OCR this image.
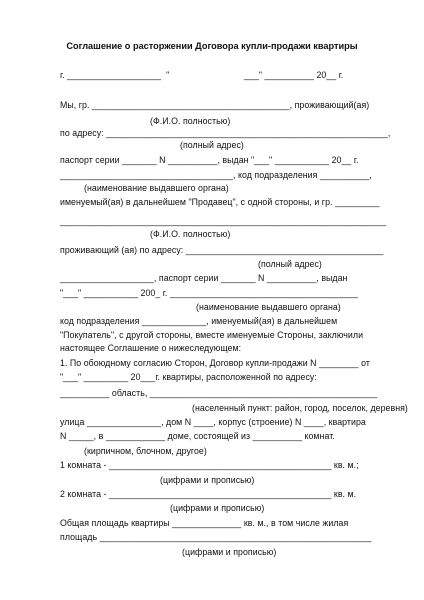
Соглашение о расторжении Договора купли-продажи квартиры
г. ___________________  "                              ___" __________ 20__ г.
Мы, гр. ________________________________________, проживающий(ая)
(Ф.И.О. полностью)
по адресу: _________________________________________________________,
(полный адрес)
паспорт серии _______ N __________, выдан "___" ___________ 20__ г.
___________________________________, код подразделения __________,
(наименование выдавшего органа)
именуемый(ая) в дальнейшем "Продавец", с одной стороны, и гр. _________
__________________________________________________________________
(Ф.И.О. полностью)
проживающий (ая) по адресу: ________________________________________
(полный адрес)
___________________, паспорт серии _______ N __________, выдан
"___" ___________ 200_ г. ______________________________________
(наименование выдавшего органа)
код подразделения _____________, именуемый(ая) в дальнейшем
"Покупатель", с другой стороны, вместе именуемые Стороны, заключили
настоящее Соглашение о нижеследующем:
1. По обоюдному согласию Сторон, Договор купли-продажи N ________ от
"___" _________ 20___г. квартиры, расположенной по адресу:
__________ область, ______________________________________________
(населенный пункт: район, город, поселок, деревня)
улица _______________, дом N ____, корпус (строение) N ____, квартира
N _____, в ____________ доме, состоящей из __________ комнат.
(кирпичном, блочном, другое)
1 комната - _____________________________________________ кв. м.;
(цифрами и прописью)
2 комната - _____________________________________________ кв. м.
(цифрами и прописью)
Общая площадь квартиры ______________ кв. м., в том числе жилая
площадь _______________________________________________________
(цифрами и прописью)
